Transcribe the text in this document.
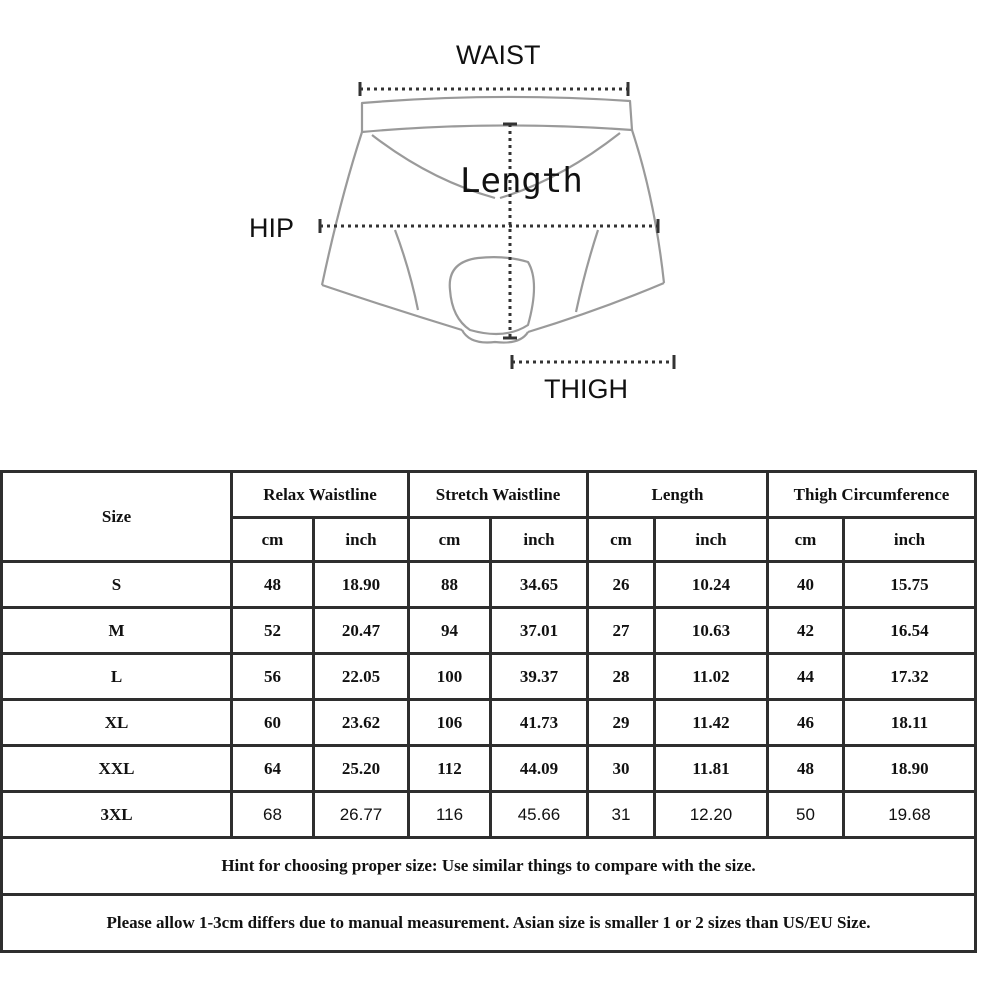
WAIST
Length
HIP
THIGH
Size	Relax Waistline		Stretch Waistline		Length		Thigh Circumference	
	cm	inch	cm	inch	cm	inch	cm	inch
S	48	18.90	88	34.65	26	10.24	40	15.75
M	52	20.47	94	37.01	27	10.63	42	16.54
L	56	22.05	100	39.37	28	11.02	44	17.32
XL	60	23.62	106	41.73	29	11.42	46	18.11
XXL	64	25.20	112	44.09	30	11.81	48	18.90
3XL	68	26.77	116	45.66	31	12.20	50	19.68
Hint for choosing proper size: Use similar things to compare with the size.								
Please allow 1-3cm differs due to manual measurement. Asian size is smaller 1 or 2 sizes than US/EU Size.								
